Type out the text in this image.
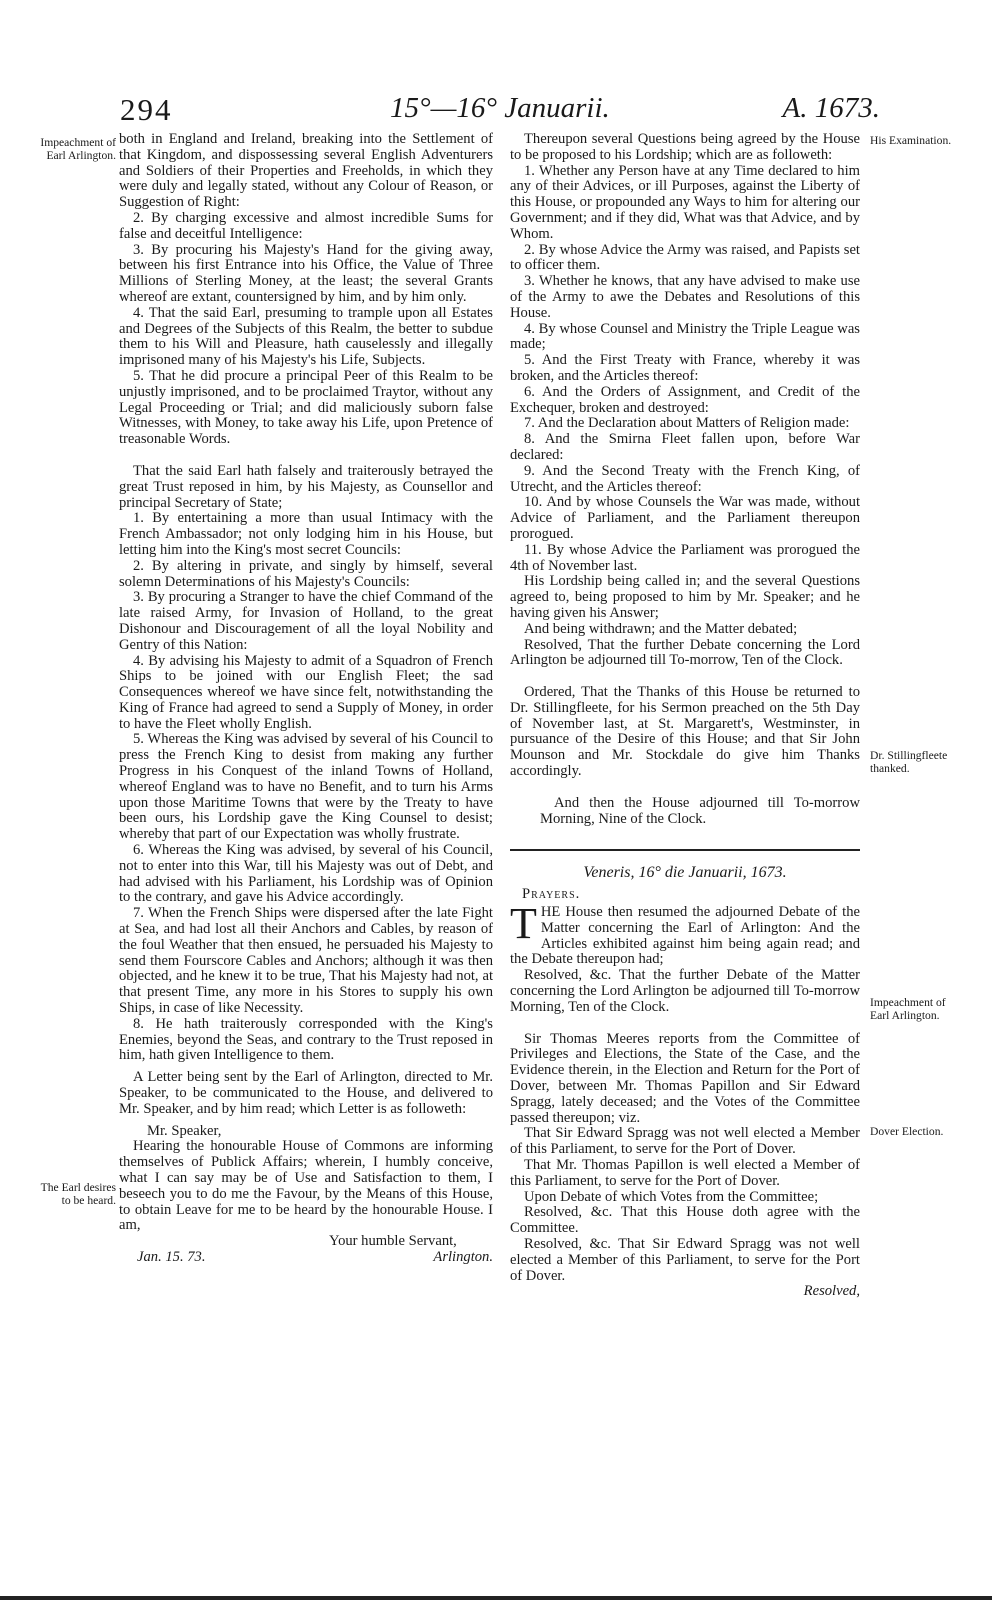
294	15°—16° Januarii.	A. 1673.
Impeachment of Earl Arlington.
The Earl desires to be heard.
His Examination.
Dr. Stillingfleete thanked.
Impeachment of Earl Arlington.
Dover Election.

both in England and Ireland, breaking into the Settlement of that Kingdom, and dispossessing several English Adventurers and Soldiers of their Properties and Freeholds, in which they were duly and legally stated, without any Colour of Reason, or Suggestion of Right:

2. By charging excessive and almost incredible Sums for false and deceitful Intelligence:

3. By procuring his Majesty's Hand for the giving away, between his first Entrance into his Office, the Value of Three Millions of Sterling Money, at the least; the several Grants whereof are extant, countersigned by him, and by him only.

4. That the said Earl, presuming to trample upon all Estates and Degrees of the Subjects of this Realm, the better to subdue them to his Will and Pleasure, hath causelessly and illegally imprisoned many of his Majesty's his Life, Subjects.

5. That he did procure a principal Peer of this Realm to be unjustly imprisoned, and to be proclaimed Traytor, without any Legal Proceeding or Trial; and did maliciously suborn false Witnesses, with Money, to take away his Life, upon Pretence of treasonable Words.

That the said Earl hath falsely and traiterously betrayed the great Trust reposed in him, by his Majesty, as Counsellor and principal Secretary of State;

1. By entertaining a more than usual Intimacy with the French Ambassador; not only lodging him in his House, but letting him into the King's most secret Councils:

2. By altering in private, and singly by himself, several solemn Determinations of his Majesty's Councils:

3. By procuring a Stranger to have the chief Command of the late raised Army, for Invasion of Holland, to the great Dishonour and Discouragement of all the loyal Nobility and Gentry of this Nation:

4. By advising his Majesty to admit of a Squadron of French Ships to be joined with our English Fleet; the sad Consequences whereof we have since felt, notwithstanding the King of France had agreed to send a Supply of Money, in order to have the Fleet wholly English.

5. Whereas the King was advised by several of his Council to press the French King to desist from making any further Progress in his Conquest of the inland Towns of Holland, whereof England was to have no Benefit, and to turn his Arms upon those Maritime Towns that were by the Treaty to have been ours, his Lordship gave the King Counsel to desist; whereby that part of our Expectation was wholly frustrate.

6. Whereas the King was advised, by several of his Council, not to enter into this War, till his Majesty was out of Debt, and had advised with his Parliament, his Lordship was of Opinion to the contrary, and gave his Advice accordingly.

7. When the French Ships were dispersed after the late Fight at Sea, and had lost all their Anchors and Cables, by reason of the foul Weather that then ensued, he persuaded his Majesty to send them Fourscore Cables and Anchors; although it was then objected, and he knew it to be true, That his Majesty had not, at that present Time, any more in his Stores to supply his own Ships, in case of like Necessity.

8. He hath traiterously corresponded with the King's Enemies, beyond the Seas, and contrary to the Trust reposed in him, hath given Intelligence to them.

A Letter being sent by the Earl of Arlington, directed to Mr. Speaker, to be communicated to the House, and delivered to Mr. Speaker, and by him read; which Letter is as followeth:

Mr. Speaker,

Hearing the honourable House of Commons are informing themselves of Publick Affairs; wherein, I humbly conceive, what I can say may be of Use and Satisfaction to them, I beseech you to do me the Favour, by the Means of this House, to obtain Leave for me to be heard by the honourable House. I am,

Your humble Servant,
Jan. 15. 73.	Arlington.

Thereupon several Questions being agreed by the House to be proposed to his Lordship; which are as followeth:

1. Whether any Person have at any Time declared to him any of their Advices, or ill Purposes, against the Liberty of this House, or propounded any Ways to him for altering our Government; and if they did, What was that Advice, and by Whom.

2. By whose Advice the Army was raised, and Papists set to officer them.

3. Whether he knows, that any have advised to make use of the Army to awe the Debates and Resolutions of this House.

4. By whose Counsel and Ministry the Triple League was made;

5. And the First Treaty with France, whereby it was broken, and the Articles thereof:

6. And the Orders of Assignment, and Credit of the Exchequer, broken and destroyed:

7. And the Declaration about Matters of Religion made:

8. And the Smirna Fleet fallen upon, before War declared:

9. And the Second Treaty with the French King, of Utrecht, and the Articles thereof:

10. And by whose Counsels the War was made, without Advice of Parliament, and the Parliament thereupon prorogued.

11. By whose Advice the Parliament was prorogued the 4th of November last.

His Lordship being called in; and the several Questions agreed to, being proposed to him by Mr. Speaker; and he having given his Answer;

And being withdrawn; and the Matter debated;

Resolved, That the further Debate concerning the Lord Arlington be adjourned till To-morrow, Ten of the Clock.

Ordered, That the Thanks of this House be returned to Dr. Stillingfleete, for his Sermon preached on the 5th Day of November last, at St. Margarett's, Westminster, in pursuance of the Desire of this House; and that Sir John Mounson and Mr. Stockdale do give him Thanks accordingly.

And then the House adjourned till To-morrow Morning, Nine of the Clock.

Veneris, 16° die Januarii, 1673.
Prayers.

THE House then resumed the adjourned Debate of the Matter concerning the Earl of Arlington: And the Articles exhibited against him being again read; and the Debate thereupon had;

Resolved, &c. That the further Debate of the Matter concerning the Lord Arlington be adjourned till To-morrow Morning, Ten of the Clock.

Sir Thomas Meeres reports from the Committee of Privileges and Elections, the State of the Case, and the Evidence therein, in the Election and Return for the Port of Dover, between Mr. Thomas Papillon and Sir Edward Spragg, lately deceased; and the Votes of the Committee passed thereupon; viz.

That Sir Edward Spragg was not well elected a Member of this Parliament, to serve for the Port of Dover.

That Mr. Thomas Papillon is well elected a Member of this Parliament, to serve for the Port of Dover.

Upon Debate of which Votes from the Committee;

Resolved, &c. That this House doth agree with the Committee.

Resolved, &c. That Sir Edward Spragg was not well elected a Member of this Parliament, to serve for the Port of Dover.

Resolved,
